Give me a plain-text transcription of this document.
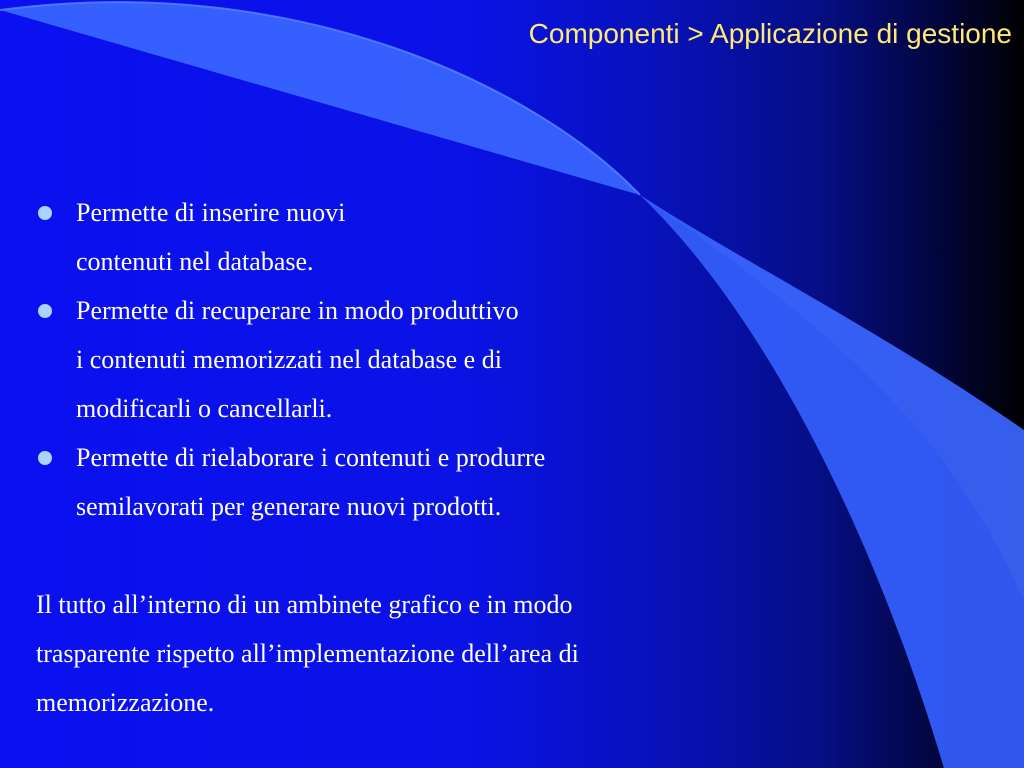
Componenti > Applicazione di gestione
Permette di inserire nuovi
contenuti nel database.
Permette di recuperare in modo produttivo
i contenuti memorizzati nel database e di
modificarli o cancellarli.
Permette di rielaborare i contenuti e produrre
semilavorati per generare nuovi prodotti.
Il tutto all’interno di un ambinete grafico e in modo
trasparente rispetto all’implementazione dell’area di
memorizzazione.
